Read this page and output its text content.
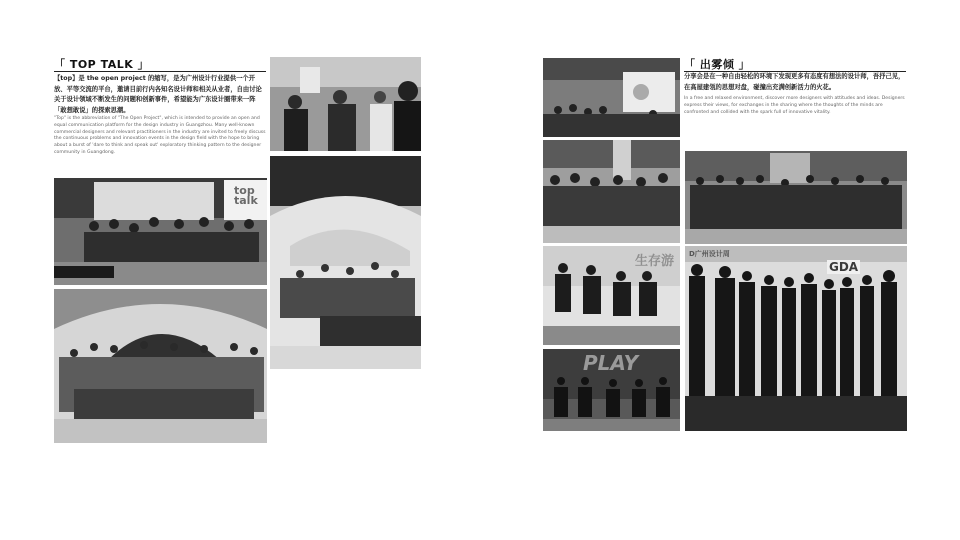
「 TOP TALK 」
【top】是 the open project 的缩写，是为广州设计行业提供一个开放、平等交流的平台，邀请目前行内各知名设计师和相关从业者，自由讨论关于设计领域不断发生的问题和创新事件，希望能为广东设计圈带来一阵「敢想敢说」的探索思潮。
"Top" is the abbreviation of "The Open Project", which is intended to provide an open and equal communication platform for the design industry in Guangzhou. Many well-known commercial designers and relevant practitioners in the industry are invited to freely discuss the continuous problems and innovation events in the design field with the hope to bring about a burst of 'dare to think and speak out' exploratory thinking pattern to the designer community in Guangdong.
top talk
「 出雾倾 」
分享会是在一种自由轻松的环境下发现更多有态度有想法的设计师，吾抒己见，在高屋建瓴的思想对盘，碰撞出充满创新活力的火花。
In a free and relaxed environment, discover more designers with attitudes and ideas. Designers express their views, for exchanges in the sharing where the thoughts of the minds are confronted and collided with the spark full of innovative vitality.
生存游
PLAY
GDA
D广州设计周
